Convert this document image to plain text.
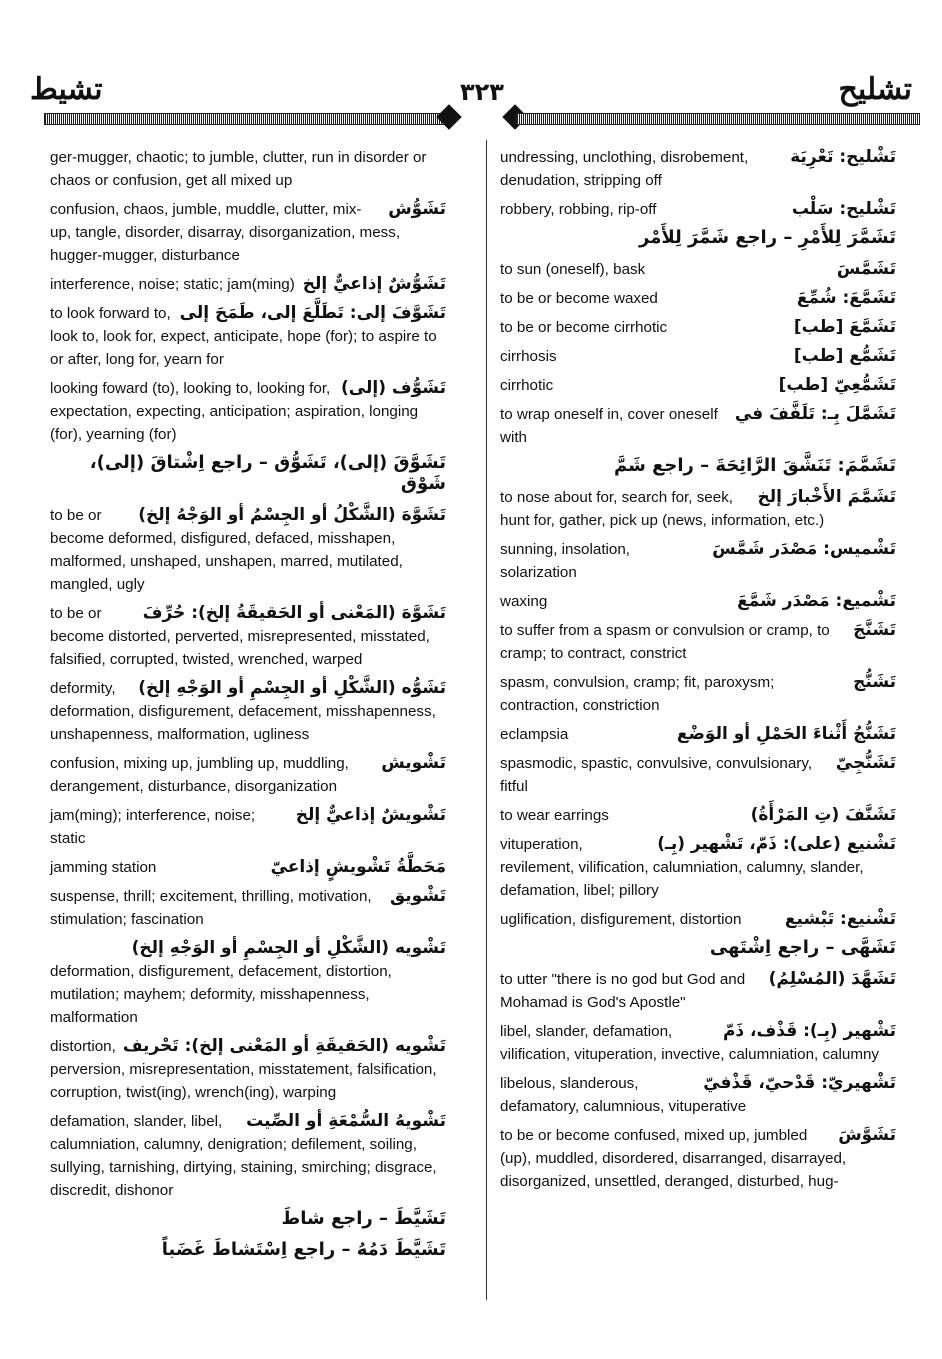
تشيط	٣٢٣	تشليح
ger-mugger, chaotic; to jumble, clutter, run in disorder or chaos or confusion, get all mixed up
تَشَوُّش
confusion, chaos, jumble, muddle, clutter, mix-up, tangle, disorder, disarray, disorganization, mess, hugger-mugger, disturbance
تَشَوُّشٌ إذاعيٌّ إلخ
interference, noise; static; jam(ming)
تَشَوَّفَ إلى: تَطَلَّعَ إلى، طَمَحَ إلى
to look forward to, look to, look for, expect, anticipate, hope (for); to aspire to or after, long for, yearn for
تَشَوُّف (إلى)
looking foward (to), looking to, looking for, expectation, expecting, anticipation; aspiration, longing (for), yearning (for)
تَشَوَّقَ (إلى)، تَشَوُّق – راجع اِشْتاقَ (إلى)، شَوْق
تَشَوَّهَ (الشَّكْلُ أو الجِسْمُ أو الوَجْهُ إلخ)
to be or become deformed, disfigured, defaced, misshapen, malformed, unshaped, unshapen, marred, mutilated, mangled, ugly
تَشَوَّهَ (المَعْنى أو الحَقيقَةُ إلخ): حُرِّفَ
to be or become distorted, perverted, misrepresented, misstated, falsified, corrupted, twisted, wrenched, warped
تَشَوُّه (الشَّكْلِ أو الجِسْمِ أو الوَجْهِ إلخ)
deformity, deformation, disfigurement, defacement, misshapenness, unshapenness, malformation, ugliness
تَشْويش
confusion, mixing up, jumbling up, muddling, derangement, disturbance, disorganization
تَشْويشٌ إذاعيٌّ إلخ
jam(ming); interference, noise; static
مَحَطَّةُ تَشْويشٍ إذاعيّ
jamming station
تَشْويق
suspense, thrill; excitement, thrilling, motivation, stimulation; fascination
تَشْويه (الشَّكْلِ أو الجِسْمِ أو الوَجْهِ إلخ)
deformation, disfigurement, defacement, distortion, mutilation; mayhem; deformity, misshapenness, malformation
تَشْويه (الحَقيقَةِ أو المَعْنى إلخ): تَحْريف
distortion, perversion, misrepresentation, misstatement, falsification, corruption, twist(ing), wrench(ing), warping
تَشْويهُ السُّمْعَةِ أو الصِّيت
defamation, slander, libel, calumniation, calumny, denigration; defilement, soiling, sullying, tarnishing, dirtying, staining, smirching; disgrace, discredit, dishonor
تَشَيَّطَ – راجع شاطَ
تَشَيَّطَ دَمُهُ – راجع اِسْتَشاطَ غَضَباً
تَشْليح: تَعْرِيَة
undressing, unclothing, disrobement, denudation, stripping off
تَشْليح: سَلْب
robbery, robbing, rip-off
تَشَمَّرَ لِلأَمْرِ – راجع شَمَّرَ لِلأَمْر
تَشَمَّسَ
to sun (oneself), bask
تَشَمَّعَ: شُمِّعَ
to be or become waxed
تَشَمَّعَ [طب]
to be or become cirrhotic
تَشَمُّع [طب]
cirrhosis
تَشَمُّعِيّ [طب]
cirrhotic
تَشَمَّلَ بِـ: تَلَفَّفَ في
to wrap oneself in, cover oneself with
تَشَمَّمَ: تَنَشَّقَ الرَّائِحَةَ – راجع شَمَّ
تَشَمَّمَ الأَخْبارَ إلخ
to nose about for, search for, seek, hunt for, gather, pick up (news, information, etc.)
تَشْميس: مَصْدَر شَمَّسَ
sunning, insolation, solarization
تَشْميع: مَصْدَر شَمَّعَ
waxing
تَشَنَّجَ
to suffer from a spasm or convulsion or cramp, to cramp; to contract, constrict
تَشَنُّج
spasm, convulsion, cramp; fit, paroxysm; contraction, constriction
تَشَنُّجُ أَثْناءَ الحَمْلِ أو الوَضْع
eclampsia
تَشَنُّجِيّ
spasmodic, spastic, convulsive, convulsionary, fitful
تَشَنَّفَ (تِ المَرْأَةُ)
to wear earrings
تَشْنيع (على): ذَمّ، تَشْهير (بِـ)
vituperation, revilement, vilification, calumniation, calumny, slander, defamation, libel; pillory
تَشْنيع: تَبْشيع
uglification, disfigurement, distortion
تَشَهَّى – راجع اِشْتَهى
تَشَهَّدَ (المُسْلِمُ)
to utter "there is no god but God and Mohamad is God's Apostle"
تَشْهير (بِـ): قَذْف، ذَمّ
libel, slander, defamation, vilification, vituperation, invective, calumniation, calumny
تَشْهيريّ: قَدْحيّ، قَذْفيّ
libelous, slanderous, defamatory, calumnious, vituperative
تَشَوَّشَ
to be or become confused, mixed up, jumbled (up), muddled, disordered, disarranged, disarrayed, disorganized, unsettled, deranged, disturbed, hug-
